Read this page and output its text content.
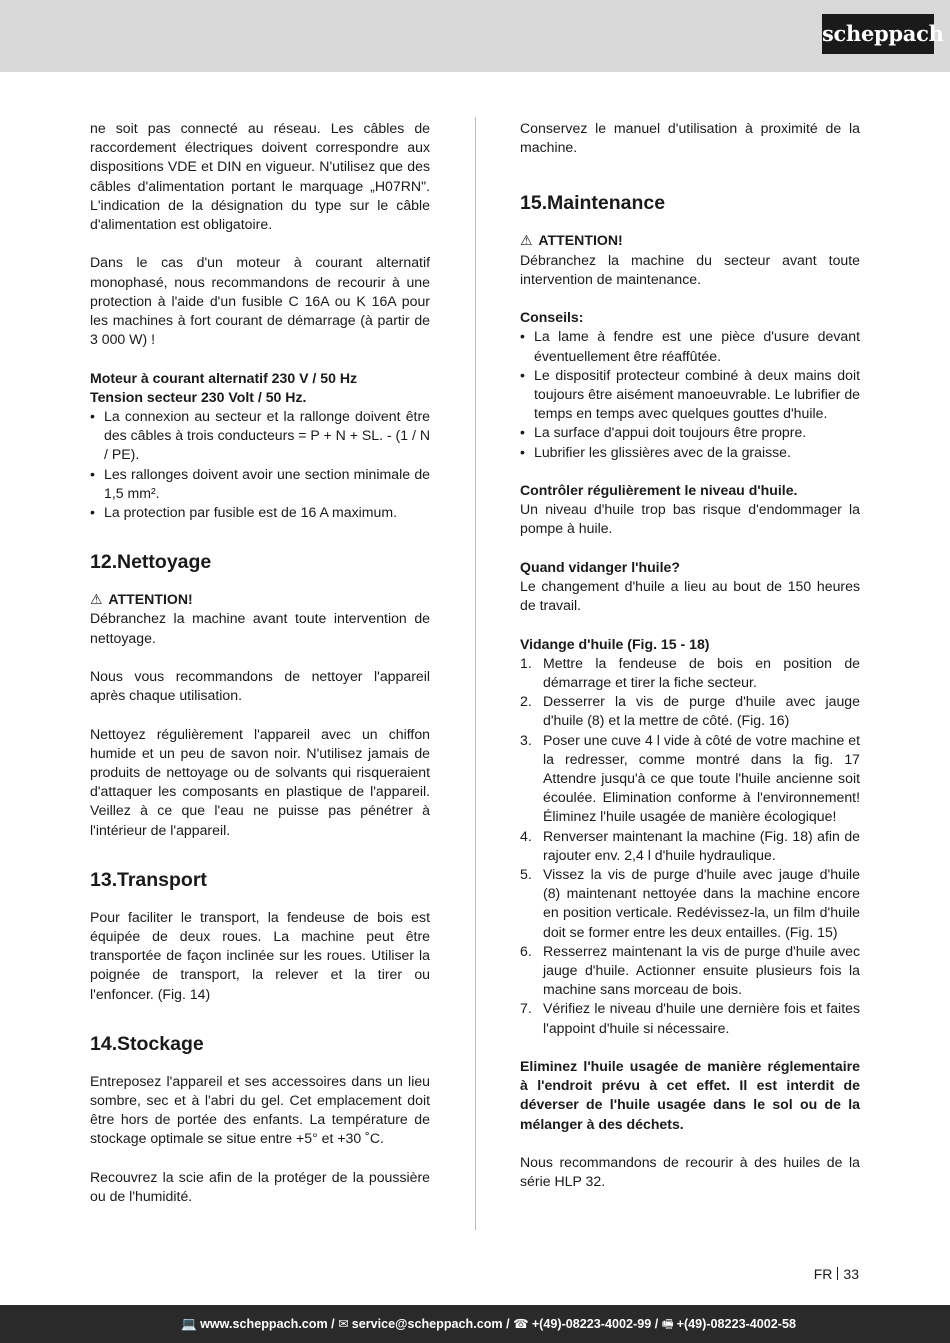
scheppach
ne soit pas connecté au réseau. Les câbles de raccordement électriques doivent correspondre aux dispositions VDE et DIN en vigueur. N'utilisez que des câbles d'alimentation portant le marquage „H07RN". L'indication de la désignation du type sur le câble d'alimentation est obligatoire.
Dans le cas d'un moteur à courant alternatif monophasé, nous recommandons de recourir à une protection à l'aide d'un fusible C 16A ou K 16A pour les machines à fort courant de démarrage (à partir de 3 000 W) !
Moteur à courant alternatif 230 V / 50 Hz
Tension secteur 230 Volt / 50 Hz.
• La connexion au secteur et la rallonge doivent être des câbles à trois conducteurs = P + N + SL. - (1 / N / PE).
• Les rallonges doivent avoir une section minimale de 1,5 mm².
• La protection par fusible est de 16 A maximum.
12.Nettoyage
⚠ ATTENTION!
Débranchez la machine avant toute intervention de nettoyage.
Nous vous recommandons de nettoyer l'appareil après chaque utilisation.
Nettoyez régulièrement l'appareil avec un chiffon humide et un peu de savon noir. N'utilisez jamais de produits de nettoyage ou de solvants qui risqueraient d'attaquer les composants en plastique de l'appareil. Veillez à ce que l'eau ne puisse pas pénétrer à l'intérieur de l'appareil.
13.Transport
Pour faciliter le transport, la fendeuse de bois est équipée de deux roues. La machine peut être transportée de façon inclinée sur les roues. Utiliser la poignée de transport, la relever et la tirer ou l'enfoncer. (Fig. 14)
14.Stockage
Entreposez l'appareil et ses accessoires dans un lieu sombre, sec et à l'abri du gel. Cet emplacement doit être hors de portée des enfants. La température de stockage optimale se situe entre +5° et +30 ˚C.
Recouvrez la scie afin de la protéger de la poussière ou de l'humidité.
Conservez le manuel d'utilisation à proximité de la machine.
15.Maintenance
⚠ ATTENTION!
Débranchez la machine du secteur avant toute intervention de maintenance.
Conseils:
• La lame à fendre est une pièce d'usure devant éventuellement être réaffûtée.
• Le dispositif protecteur combiné à deux mains doit toujours être aisément manoeuvrable. Le lubrifier de temps en temps avec quelques gouttes d'huile.
• La surface d'appui doit toujours être propre.
• Lubrifier les glissières avec de la graisse.
Contrôler régulièrement le niveau d'huile.
Un niveau d'huile trop bas risque d'endommager la pompe à huile.
Quand vidanger l'huile?
Le changement d'huile a lieu au bout de 150 heures de travail.
Vidange d'huile (Fig. 15 - 18)
1. Mettre la fendeuse de bois en position de démarrage et tirer la fiche secteur.
2. Desserrer la vis de purge d'huile avec jauge d'huile (8) et la mettre de côté. (Fig. 16)
3. Poser une cuve 4 l vide à côté de votre machine et la redresser, comme montré dans la fig. 17 Attendre jusqu'à ce que toute l'huile ancienne soit écoulée. Elimination conforme à l'environnement! Éliminez l'huile usagée de manière écologique!
4. Renverser maintenant la machine (Fig. 18) afin de rajouter env. 2,4 l d'huile hydraulique.
5. Vissez la vis de purge d'huile avec jauge d'huile (8) maintenant nettoyée dans la machine encore en position verticale. Redévissez-la, un film d'huile doit se former entre les deux entailles. (Fig. 15)
6. Resserrez maintenant la vis de purge d'huile avec jauge d'huile. Actionner ensuite plusieurs fois la machine sans morceau de bois.
7. Vérifiez le niveau d'huile une dernière fois et faites l'appoint d'huile si nécessaire.
Eliminez l'huile usagée de manière réglementaire à l'endroit prévu à cet effet. Il est interdit de déverser de l'huile usagée dans le sol ou de la mélanger à des déchets.
Nous recommandons de recourir à des huiles de la série HLP 32.
FR 33
💻 www.scheppach.com / ✉ service@scheppach.com / ☎ +(49)-08223-4002-99 / 🖷 +(49)-08223-4002-58
